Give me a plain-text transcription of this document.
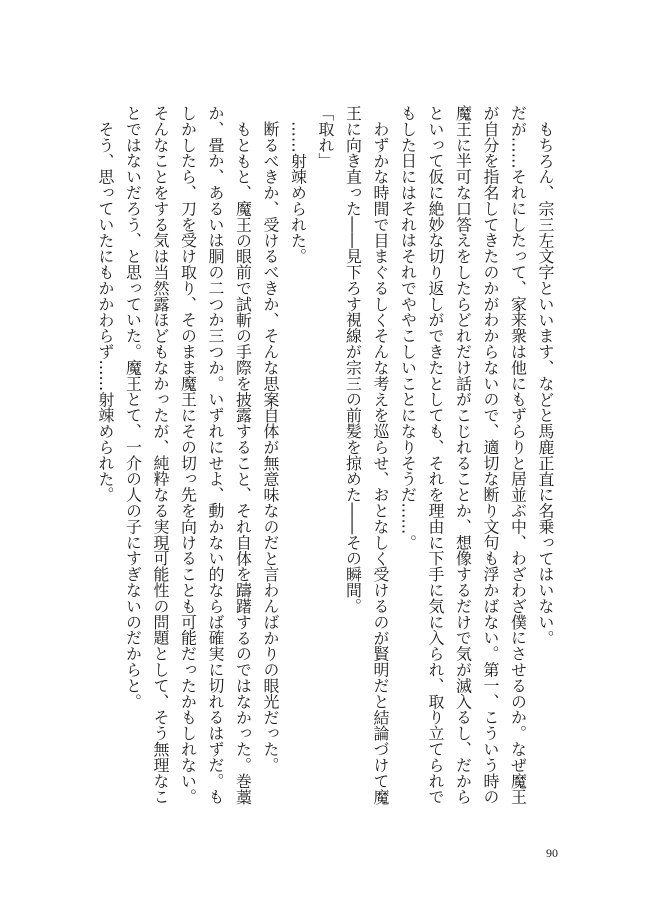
もちろん、宗三左文字といいます、などと馬鹿正直に名乗ってはいない。

だが……それにしたって、家来衆は他にもずらりと居並ぶ中、わざわざ僕にさせるのか。なぜ魔王が自分を指名してきたのかがわからないので、適切な断り文句も浮かばない。第一、こういう時の魔王に半可な口答えをしたらどれだけ話がこじれることか、想像するだけで気が滅入るし、だからといって仮に絶妙な切り返しができたとしても、それを理由に下手に気に入られ、取り立てられでもした日にはそれはそれでややこしいことになりそうだ……。

わずかな時間で目まぐるしくそんな考えを巡らせ、おとなしく受けるのが賢明だと結論づけて魔王に向き直った――見下ろす視線が宗三の前髪を掠めた――その瞬間。

「取れ」

……射竦められた。

断るべきか、受けるべきか、そんな思案自体が無意味なのだと言わんばかりの眼光だった。

もともと、魔王の眼前で試斬の手際を披露すること、それ自体を躊躇するのではなかった。巻藁か、畳か、あるいは胴の二つか三つか。いずれにせよ、動かない的ならば確実に切れるはずだ。もしかしたら、刀を受け取り、そのまま魔王にその切っ先を向けることも可能だったかもしれない。そんなことをする気は当然露ほどもなかったが、純粋なる実現可能性の問題として、そう無理なことではないだろう、と思っていた。魔王とて、一介の人の子にすぎないのだからと。

そう、思っていたにもかかわらず……射竦められた。

90
